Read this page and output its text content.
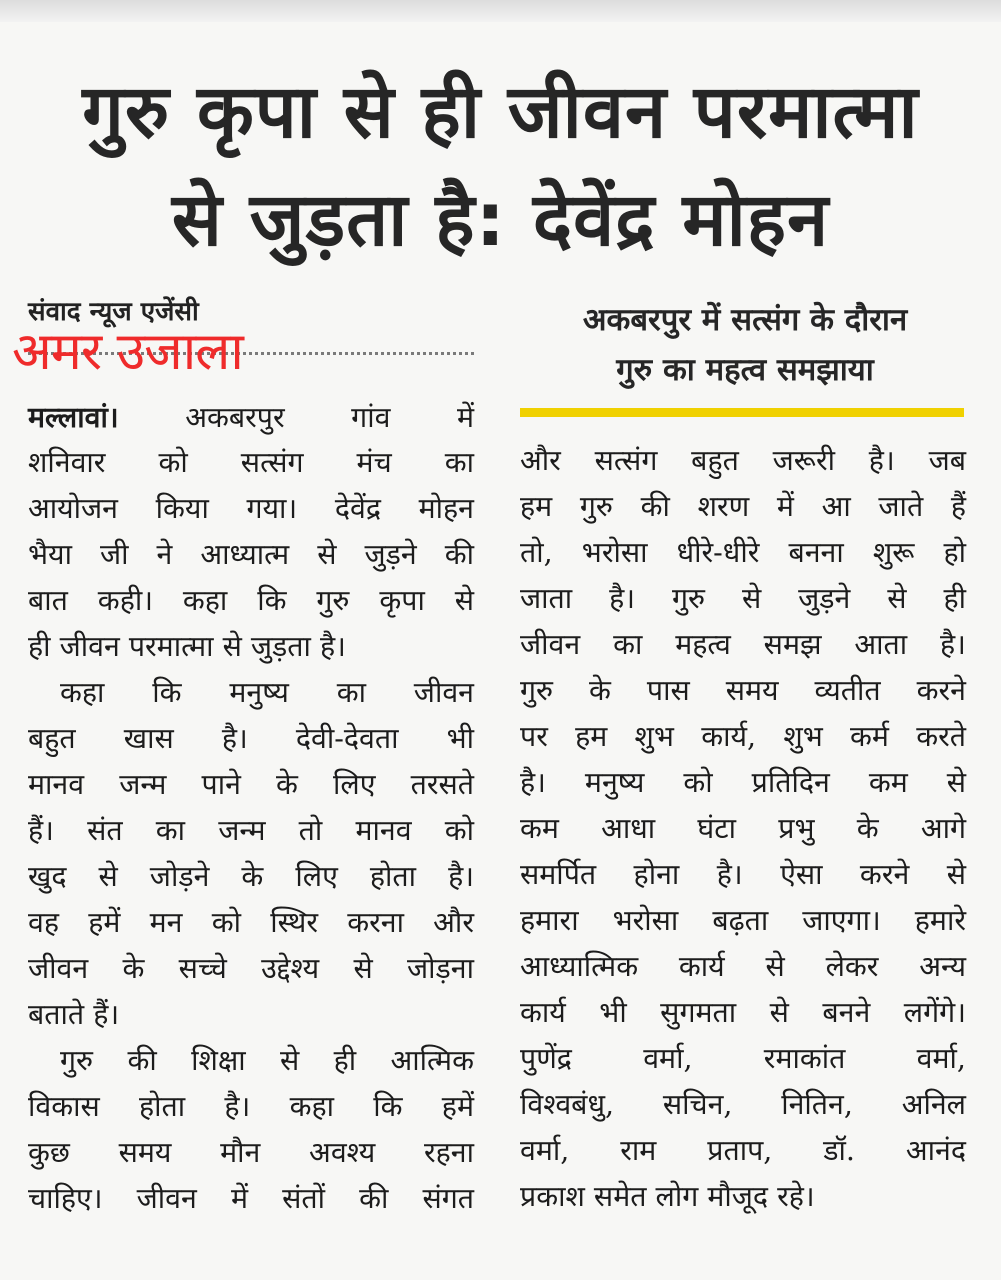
गुरु कृपा से ही जीवन परमात्मा
से जुड़ता है: देवेंद्र मोहन
संवाद न्यूज एजेंसी
अमर उजाला
अकबरपुर में सत्संग के दौरान
गुरु का महत्व समझाया
मल्लावां। अकबरपुर गांव में
शनिवार को सत्संग मंच का
आयोजन किया गया। देवेंद्र मोहन
भैया जी ने आध्यात्म से जुड़ने की
बात कही। कहा कि गुरु कृपा से
ही जीवन परमात्मा से जुड़ता है।
कहा कि मनुष्य का जीवन
बहुत खास है। देवी-देवता भी
मानव जन्म पाने के लिए तरसते
हैं। संत का जन्म तो मानव को
खुद से जोड़ने के लिए होता है।
वह हमें मन को स्थिर करना और
जीवन के सच्चे उद्देश्य से जोड़ना
बताते हैं।
गुरु की शिक्षा से ही आत्मिक
विकास होता है। कहा कि हमें
कुछ समय मौन अवश्य रहना
चाहिए। जीवन में संतों की संगत
और सत्संग बहुत जरूरी है। जब
हम गुरु की शरण में आ जाते हैं
तो, भरोसा धीरे-धीरे बनना शुरू हो
जाता है। गुरु से जुड़ने से ही
जीवन का महत्व समझ आता है।
गुरु के पास समय व्यतीत करने
पर हम शुभ कार्य, शुभ कर्म करते
है। मनुष्य को प्रतिदिन कम से
कम आधा घंटा प्रभु के आगे
समर्पित होना है। ऐसा करने से
हमारा भरोसा बढ़ता जाएगा। हमारे
आध्यात्मिक कार्य से लेकर अन्य
कार्य भी सुगमता से बनने लगेंगे।
पुणेंद्र वर्मा, रमाकांत वर्मा,
विश्वबंधु, सचिन, नितिन, अनिल
वर्मा, राम प्रताप, डॉ. आनंद
प्रकाश समेत लोग मौजूद रहे।
